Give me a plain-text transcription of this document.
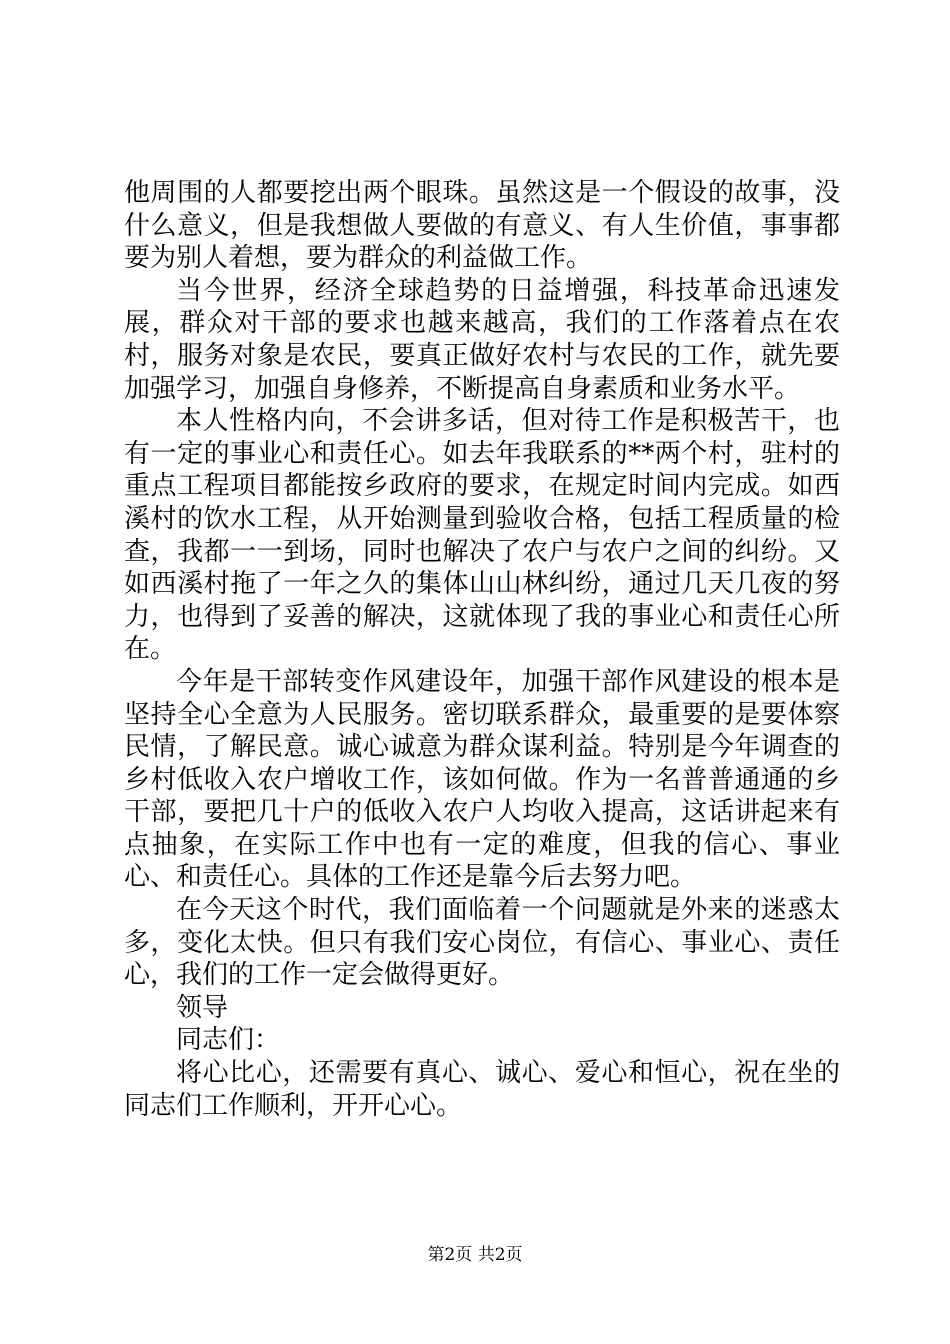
他周围的人都要挖出两个眼珠。虽然这是一个假设的故事，没什么意义，但是我想做人要做的有意义、有人生价值，事事都要为别人着想，要为群众的利益做工作。

当今世界，经济全球趋势的日益增强，科技革命迅速发展，群众对干部的要求也越来越高，我们的工作落着点在农村，服务对象是农民，要真正做好农村与农民的工作，就先要加强学习，加强自身修养，不断提高自身素质和业务水平。

本人性格内向，不会讲多话，但对待工作是积极苦干，也有一定的事业心和责任心。如去年我联系的**两个村，驻村的重点工程项目都能按乡政府的要求，在规定时间内完成。如西溪村的饮水工程，从开始测量到验收合格，包括工程质量的检查，我都一一到场，同时也解决了农户与农户之间的纠纷。又如西溪村拖了一年之久的集体山山林纠纷，通过几天几夜的努力，也得到了妥善的解决，这就体现了我的事业心和责任心所在。

今年是干部转变作风建设年，加强干部作风建设的根本是坚持全心全意为人民服务。密切联系群众，最重要的是要体察民情，了解民意。诚心诚意为群众谋利益。特别是今年调查的乡村低收入农户增收工作，该如何做。作为一名普普通通的乡干部，要把几十户的低收入农户人均收入提高，这话讲起来有点抽象，在实际工作中也有一定的难度，但我的信心、事业心、和责任心。具体的工作还是靠今后去努力吧。

在今天这个时代，我们面临着一个问题就是外来的迷惑太多，变化太快。但只有我们安心岗位，有信心、事业心、责任心，我们的工作一定会做得更好。

领导

同志们：

将心比心，还需要有真心、诚心、爱心和恒心，祝在坐的同志们工作顺利，开开心心。

第2页 共2页
